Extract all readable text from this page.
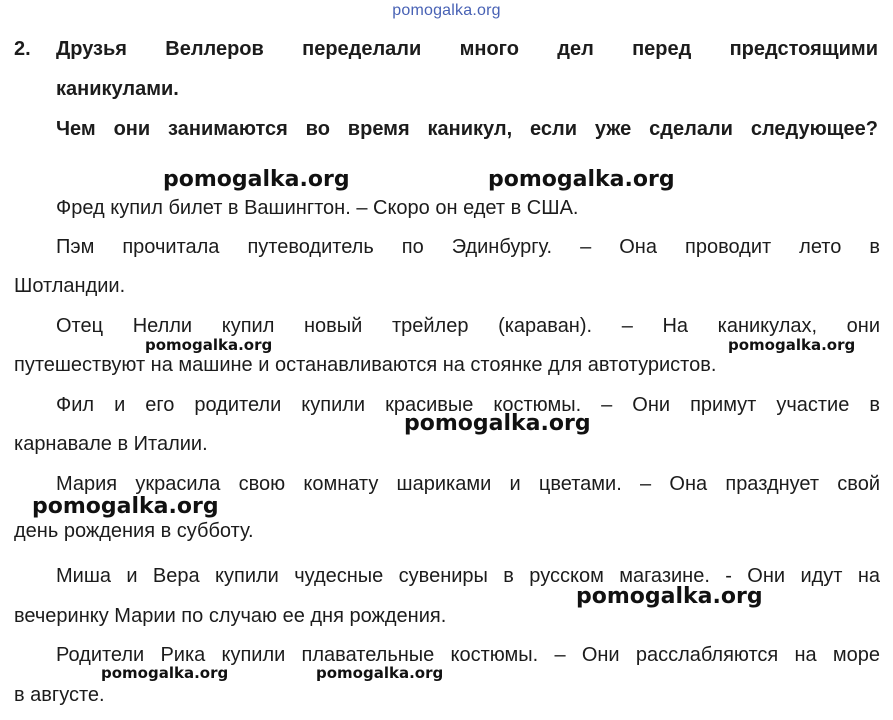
pomogalka.org
2. Друзья Веллеров переделали много дел перед предстоящими
каникулами.
Чем они занимаются во время каникул, если уже сделали следующее?
Фред купил билет в Вашингтон. – Скоро он едет в США.
Пэм прочитала путеводитель по Эдинбургу. – Она проводит лето в
Шотландии.
Отец Нелли купил новый трейлер (караван). – На каникулах, они
путешествуют на машине и останавливаются на стоянке для автотуристов.
Фил и его родители купили красивые костюмы. – Они примут участие в
карнавале в Италии.
Мария украсила свою комнату шариками и цветами. – Она празднует свой
день рождения в субботу.
Миша и Вера купили чудесные сувениры в русском магазине. - Они идут на
вечеринку Марии по случаю ее дня рождения.
Родители Рика купили плавательные костюмы. – Они расслабляются на море
в августе.
pomogalka.org	pomogalka.org
pomogalka.org	pomogalka.org
pomogalka.org
pomogalka.org
pomogalka.org
pomogalka.org	pomogalka.org
